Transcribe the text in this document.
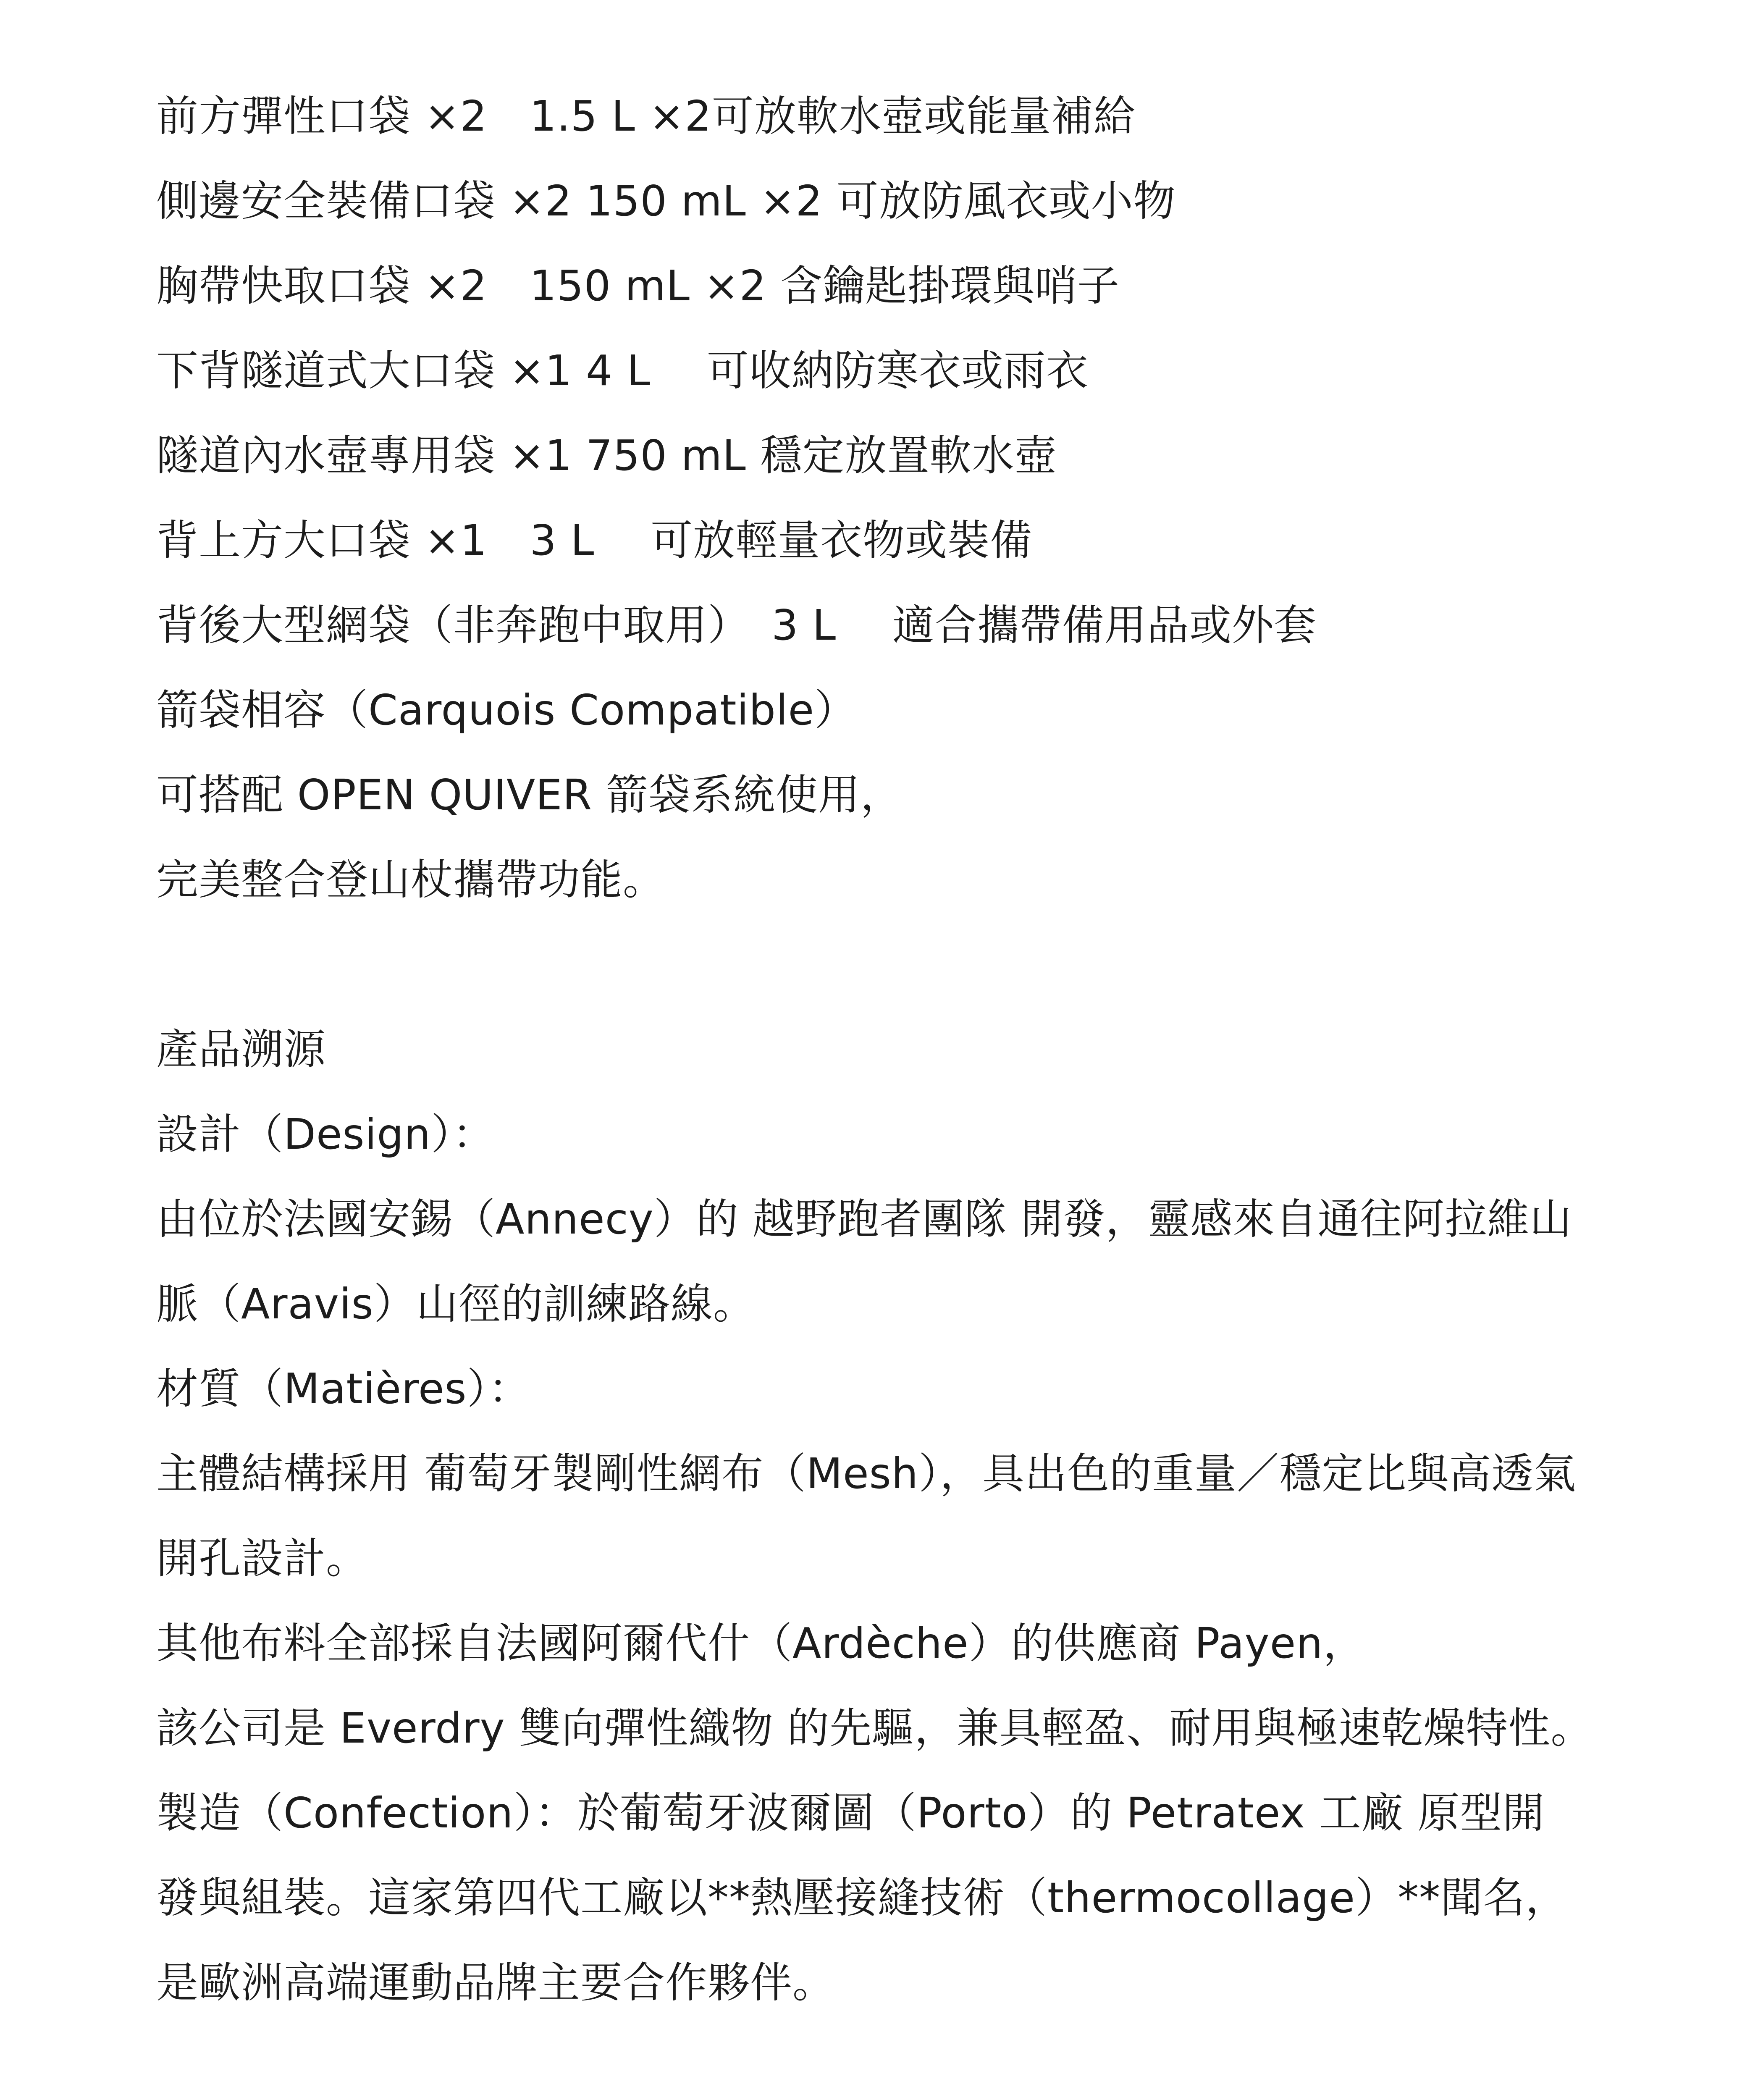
前方彈性口袋 ×2　1.5 L ×2可放軟水壺或能量補給
側邊安全裝備口袋 ×2 150 mL ×2 可放防風衣或小物
胸帶快取口袋 ×2　150 mL ×2 含鑰匙掛環與哨子
下背隧道式大口袋 ×1 4 L　 可收納防寒衣或雨衣
隧道內水壺專用袋 ×1 750 mL 穩定放置軟水壺
背上方大口袋 ×1　3 L　 可放輕量衣物或裝備
背後大型網袋（非奔跑中取用）　3 L　 適合攜帶備用品或外套
箭袋相容（Carquois Compatible）
可搭配 OPEN QUIVER 箭袋系統使用，
完美整合登山杖攜帶功能。
產品溯源
設計（Design）：
由位於法國安錫（Annecy）的 越野跑者團隊 開發，靈感來自通往阿拉維山
脈（Aravis）山徑的訓練路線。
材質（Matières）：
主體結構採用 葡萄牙製剛性網布（Mesh），具出色的重量／穩定比與高透氣
開孔設計。
其他布料全部採自法國阿爾代什（Ardèche）的供應商 Payen，
該公司是 Everdry 雙向彈性織物 的先驅，兼具輕盈、耐用與極速乾燥特性。
製造（Confection）：於葡萄牙波爾圖（Porto）的 Petratex 工廠 原型開
發與組裝。這家第四代工廠以**熱壓接縫技術（thermocollage）**聞名，
是歐洲高端運動品牌主要合作夥伴。
